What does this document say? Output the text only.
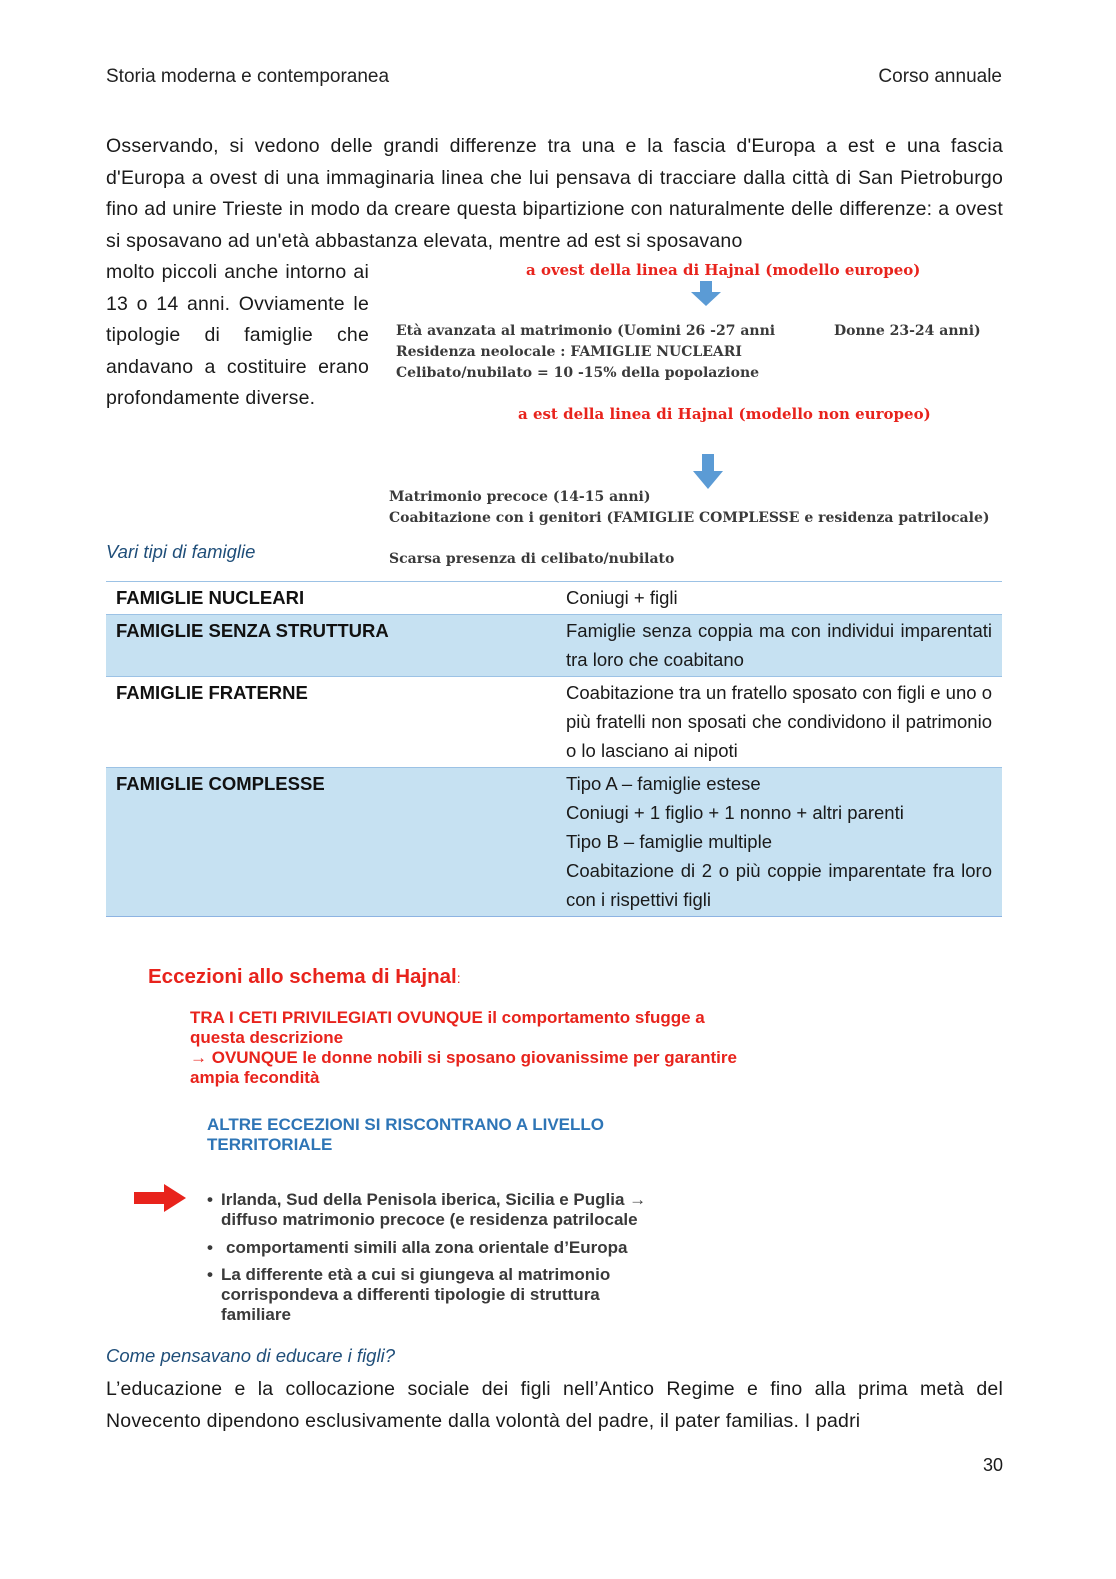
Storia moderna e contemporanea	Corso annuale
Osservando, si vedono delle grandi differenze tra una e la fascia d'Europa a est e una fascia d'Europa a ovest di una immaginaria linea che lui pensava di tracciare dalla città di San Pietroburgo fino ad unire Trieste in modo da creare questa bipartizione con naturalmente delle differenze: a ovest si sposavano ad un'età abbastanza elevata, mentre ad est si sposavano
molto piccoli anche intorno ai 13 o 14 anni. Ovviamente le tipologie di famiglie che andavano a costituire erano profondamente diverse.
a ovest della linea di Hajnal (modello europeo)
Età avanzata al matrimonio (Uomini 26 -27 anni	Donne 23-24 anni)
Residenza neolocale : FAMIGLIE NUCLEARI
Celibato/nubilato = 10 -15% della popolazione
a est della linea di Hajnal (modello non europeo)
Matrimonio precoce (14-15 anni)
Coabitazione con i genitori (FAMIGLIE COMPLESSE e residenza patrilocale)
Scarsa presenza di celibato/nubilato
Vari tipi di famiglie
FAMIGLIE NUCLEARI	Coniugi + figli

FAMIGLIE SENZA STRUTTURA	Famiglie senza coppia ma con individui imparentati tra loro che coabitano

FAMIGLIE FRATERNE	Coabitazione tra un fratello sposato con figli e uno o più fratelli non sposati che condividono il patrimonio o lo lasciano ai nipoti

FAMIGLIE COMPLESSE	Tipo A – famiglie estese
Coniugi + 1 figlio + 1 nonno + altri parenti
Tipo B – famiglie multiple
Coabitazione di 2 o più coppie imparentate fra loro con i rispettivi figli
Eccezioni allo schema di Hajnal:
TRA I CETI PRIVILEGIATI OVUNQUE il comportamento sfugge a
questa descrizione
→ OVUNQUE le donne nobili si sposano giovanissime per garantire
ampia fecondità
ALTRE ECCEZIONI SI RISCONTRANO A LIVELLO
TERRITORIALE
• Irlanda, Sud della Penisola iberica, Sicilia e Puglia →
diffuso matrimonio precoce (e residenza patrilocale
• comportamenti simili alla zona orientale d’Europa
• La differente età a cui si giungeva al matrimonio
corrispondeva a differenti tipologie di struttura
familiare
Come pensavano di educare i figli?
L’educazione e la collocazione sociale dei figli nell’Antico Regime e fino alla prima metà del Novecento dipendono esclusivamente dalla volontà del padre, il pater familias. I padri
30
